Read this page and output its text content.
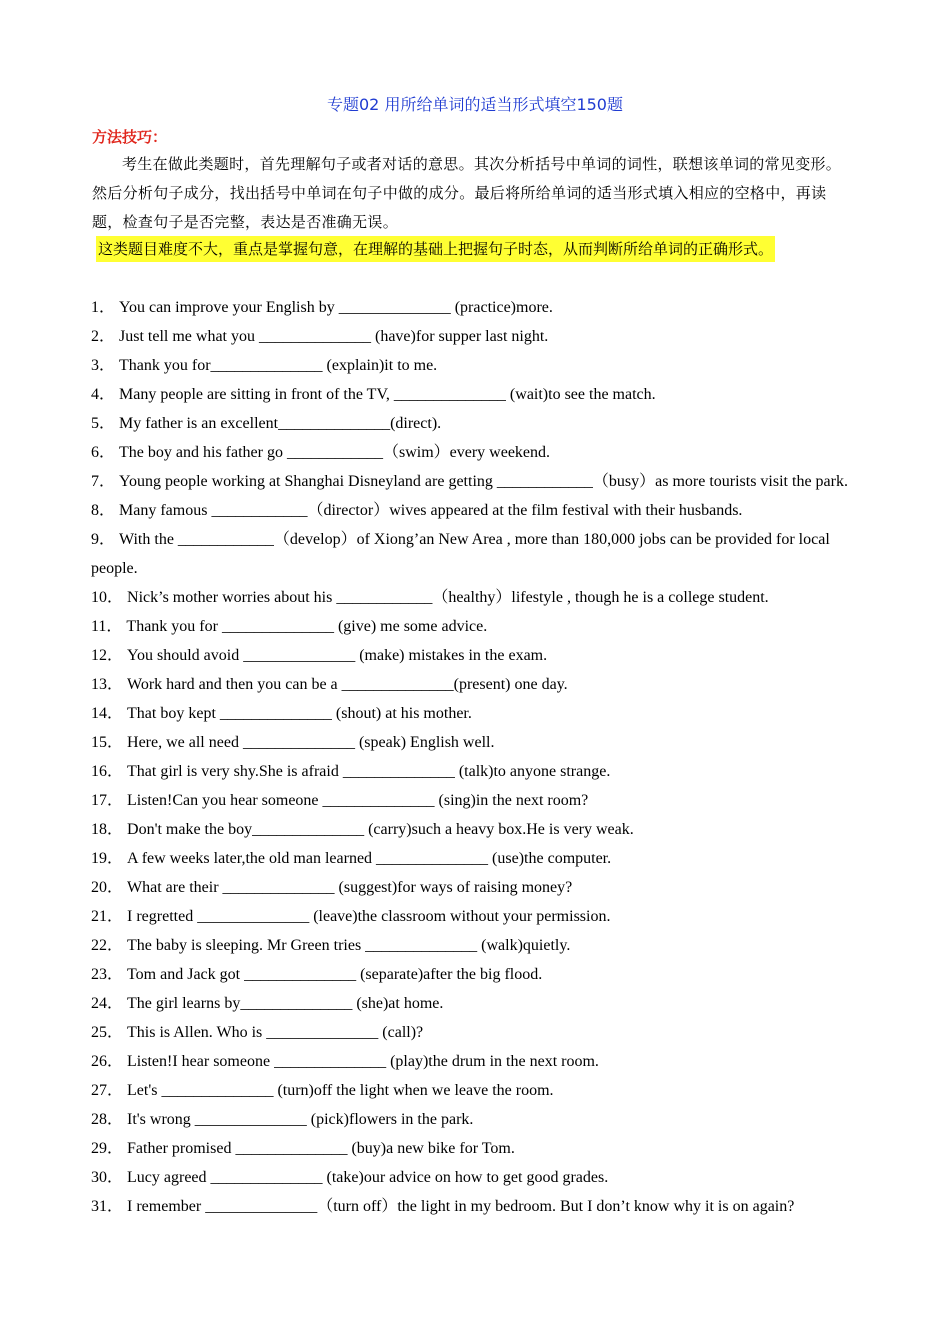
专题02 用所给单词的适当形式填空150题
方法技巧：

考生在做此类题时，首先理解句子或者对话的意思。其次分析括号中单词的词性，联想该单词的常见变形。然后分析句子成分，找出括号中单词在句子中做的成分。最后将所给单词的适当形式填入相应的空格中，再读题，检查句子是否完整，表达是否准确无误。

这类题目难度不大，重点是掌握句意，在理解的基础上把握句子时态，从而判断所给单词的正确形式。
1． You can improve your English by ______________ (practice)more.
2． Just tell me what you ______________ (have)for supper last night.
3． Thank you for______________ (explain)it to me.
4． Many people are sitting in front of the TV, ______________ (wait)to see the match.
5． My father is an excellent______________(direct).
6． The boy and his father go ____________（swim）every weekend.
7． Young people working at Shanghai Disneyland are getting ____________（busy）as more tourists visit the park.
8． Many famous ____________（director）wives appeared at the film festival with their husbands.
9． With the ____________（develop）of Xiong’an New Area , more than 180,000 jobs can be provided for local people.
10． Nick’s mother worries about his ____________（healthy）lifestyle , though he is a college student.
11． Thank you for ______________ (give) me some advice.
12． You should avoid ______________ (make) mistakes in the exam.
13． Work hard and then you can be a ______________(present) one day.
14． That boy kept ______________ (shout) at his mother.
15． Here, we all need ______________ (speak) English well.
16． That girl is very shy.She is afraid ______________ (talk)to anyone strange.
17． Listen!Can you hear someone ______________ (sing)in the next room?
18． Don't make the boy______________ (carry)such a heavy box.He is very weak.
19． A few weeks later,the old man learned ______________ (use)the computer.
20． What are their ______________ (suggest)for ways of raising money?
21． I regretted ______________ (leave)the classroom without your permission.
22． The baby is sleeping. Mr Green tries ______________ (walk)quietly.
23． Tom and Jack got ______________ (separate)after the big flood.
24． The girl learns by______________ (she)at home.
25． This is Allen. Who is ______________ (call)?
26． Listen!I hear someone ______________ (play)the drum in the next room.
27． Let's ______________ (turn)off the light when we leave the room.
28． It's wrong ______________ (pick)flowers in the park.
29． Father promised ______________ (buy)a new bike for Tom.
30． Lucy agreed ______________ (take)our advice on how to get good grades.
31． I remember ______________（turn off）the light in my bedroom. But I don’t know why it is on again?
